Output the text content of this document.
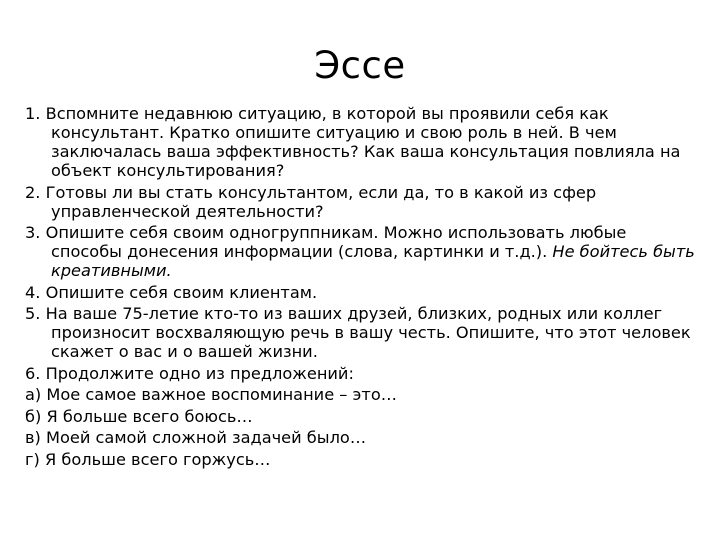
Эссе

1. Вспомните недавнюю ситуацию, в которой вы проявили себя как консультант. Кратко опишите ситуацию и свою роль в ней. В чем заключалась ваша эффективность? Как ваша консультация повлияла на объект консультирования?

2. Готовы ли вы стать консультантом, если да, то в какой из сфер управленческой деятельности?

3. Опишите себя своим одногруппникам. Можно использовать любые способы донесения информации (слова, картинки и т.д.). Не бойтесь быть креативными.

4. Опишите себя своим клиентам.

5. На ваше 75-летие кто-то из ваших друзей, близких, родных или коллег произносит восхваляющую речь в вашу честь. Опишите, что этот человек скажет о вас и о вашей жизни.

6. Продолжите одно из предложений:

а) Мое самое важное воспоминание – это…

б) Я больше всего боюсь…

в) Моей самой сложной задачей было…

г) Я больше всего горжусь…
